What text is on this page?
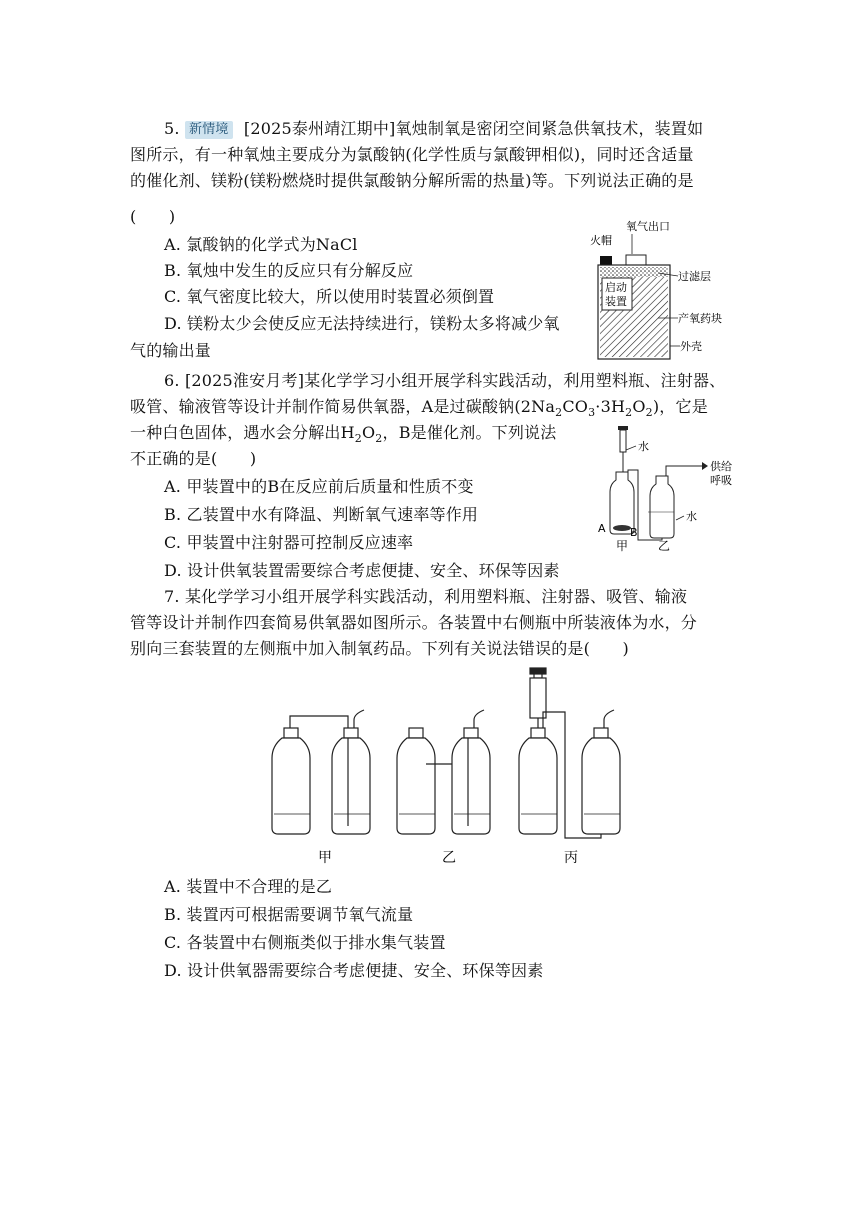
5. 新情境 [2025泰州靖江期中]氧烛制氧是密闭空间紧急供氧技术，装置如
图所示，有一种氧烛主要成分为氯酸钠(化学性质与氯酸钾相似)，同时还含适量
的催化剂、镁粉(镁粉燃烧时提供氯酸钠分解所需的热量)等。下列说法正确的是
(　　)
A. 氯酸钠的化学式为NaCl
B. 氧烛中发生的反应只有分解反应
C. 氧气密度比较大，所以使用时装置必须倒置
D. 镁粉太少会使反应无法持续进行，镁粉太多将减少氧
气的输出量
氧气出口
火帽
启动
装置
过滤层
产氧药块
外壳
6. [2025淮安月考]某化学学习小组开展学科实践活动，利用塑料瓶、注射器、
吸管、输液管等设计并制作简易供氧器，A是过碳酸钠$(2Na_2CO_3\cdot 3H_2O_2)$，它是
一种白色固体，遇水会分解出$H_2O_2$，B是催化剂。下列说法
不正确的是(　　)
A. 甲装置中的B在反应前后质量和性质不变
B. 乙装置中水有降温、判断氧气速率等作用
C. 甲装置中注射器可控制反应速率
D. 设计供氧装置需要综合考虑便捷、安全、环保等因素
水
供给
呼吸
水
A B
甲 乙
7. 某化学学习小组开展学科实践活动，利用塑料瓶、注射器、吸管、输液
管等设计并制作四套简易供氧器如图所示。各装置中右侧瓶中所装液体为水，分
别向三套装置的左侧瓶中加入制氧药品。下列有关说法错误的是(　　)
甲	乙	丙
A. 装置中不合理的是乙
B. 装置丙可根据需要调节氧气流量
C. 各装置中右侧瓶类似于排水集气装置
D. 设计供氧器需要综合考虑便捷、安全、环保等因素
